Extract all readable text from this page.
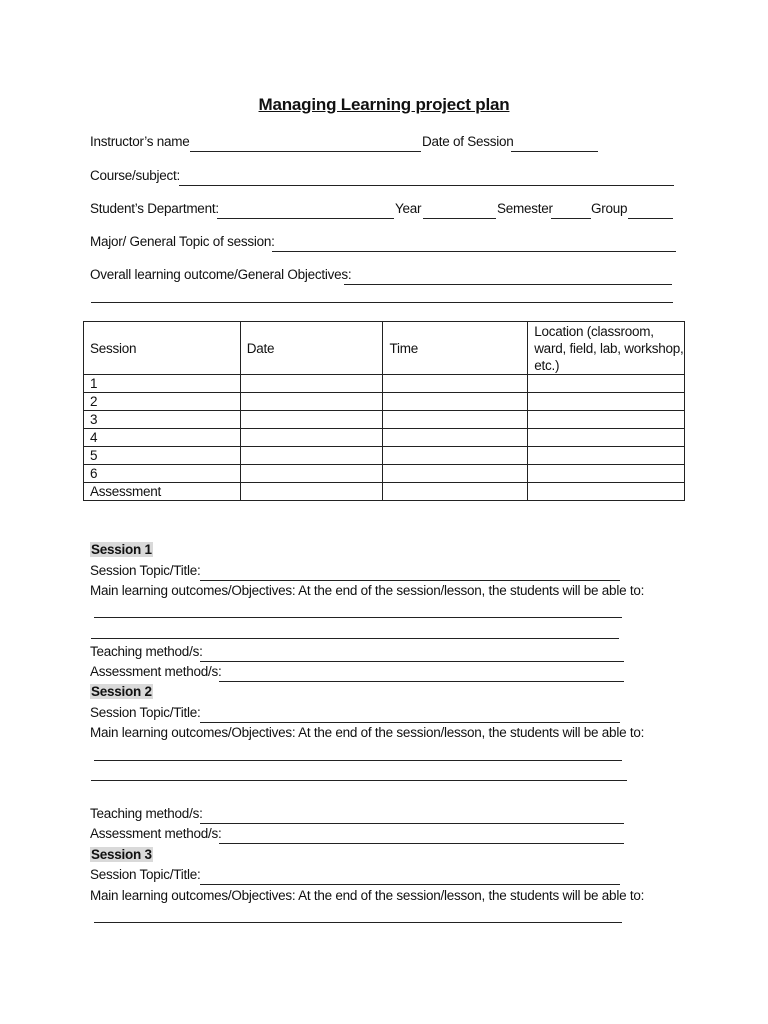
Managing Learning project plan
Instructor’s name	Date of Session
Course/subject:
Student’s Department:	Year	Semester	Group
Major/ General Topic of session:
Overall learning outcome/General Objectives:
Session	Date	Time	Location (classroom, ward, field, lab, workshop, etc.)
1			
2			
3			
4			
5			
6			
Assessment			
Session 1
Session Topic/Title:
Main learning outcomes/Objectives: At the end of the session/lesson, the students will be able to:
Teaching method/s:
Assessment method/s:
Session 2
Session Topic/Title:
Main learning outcomes/Objectives: At the end of the session/lesson, the students will be able to:
Teaching method/s:
Assessment method/s:
Session 3
Session Topic/Title:
Main learning outcomes/Objectives: At the end of the session/lesson, the students will be able to:
